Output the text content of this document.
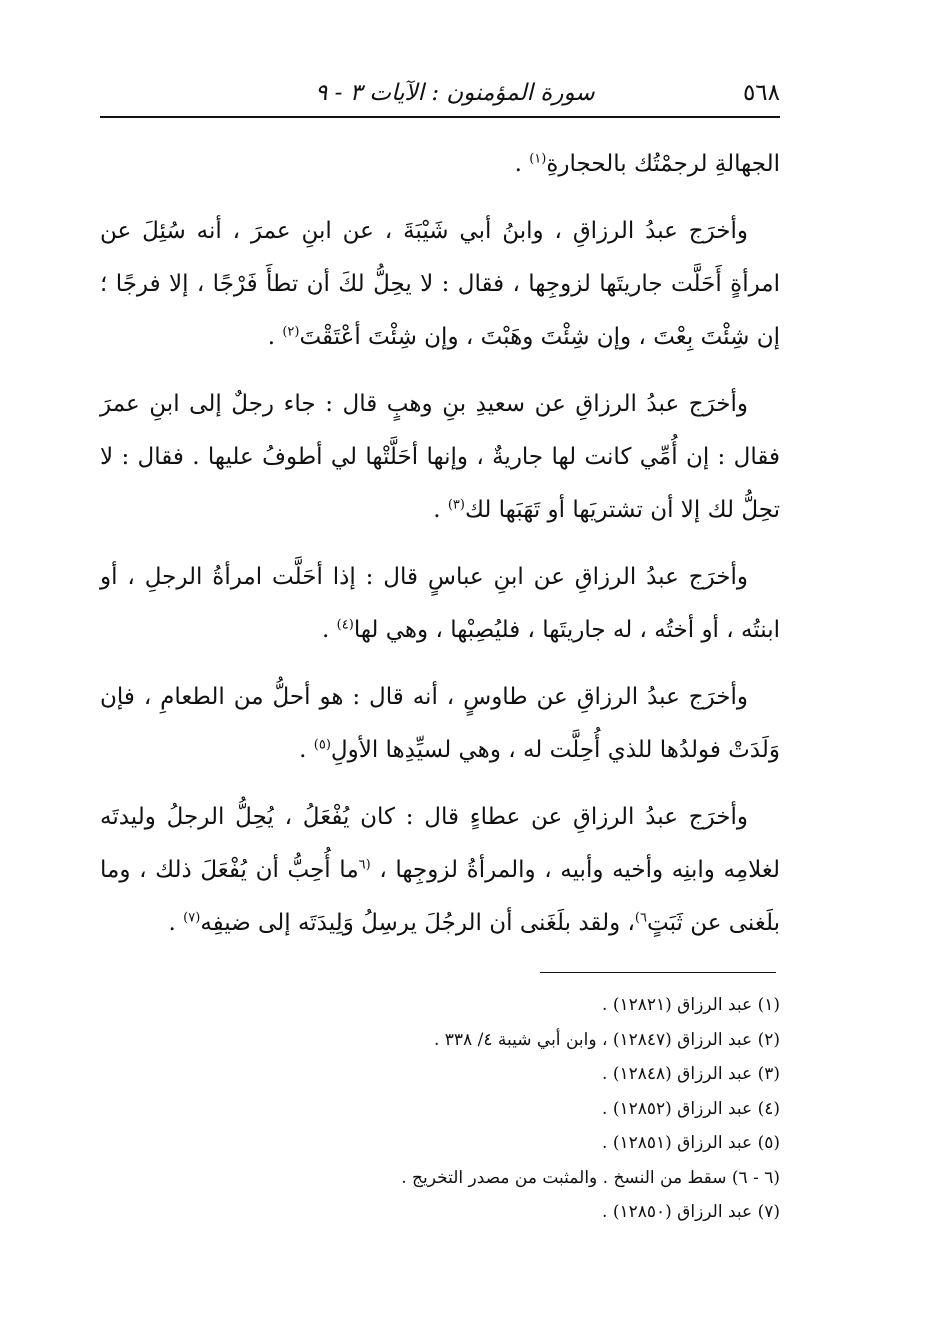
سورة المؤمنون : الآيات ٣ - ٩	٥٦٨

الجهالةِ لرجمْتُك بالحجارةِ$^{(١)}$ .

وأخرَج عبدُ الرزاقِ ، وابنُ أبي شَيْبَةَ ، عن ابنِ عمرَ ، أنه سُئِلَ عن امرأةٍ أَحَلَّت جاريتَها لزوجِها ، فقال : لا يحِلُّ لكَ أن تطأَ فَرْجًا ، إلا فرجًا ؛ إن شِئْتَ بِعْتَ ، وإن شِئْتَ وهَبْتَ ، وإن شِئْتَ أعْتَقْتَ$^{(٢)}$ .

وأخرَج عبدُ الرزاقِ عن سعيدِ بنِ وهبٍ قال : جاء رجلٌ إلى ابنِ عمرَ فقال : إن أُمِّي كانت لها جاريةٌ ، وإنها أحَلَّتْها لي أطوفُ عليها . فقال : لا تحِلُّ لك إلا أن تشتريَها أو تَهَبَها لك$^{(٣)}$ .

وأخرَج عبدُ الرزاقِ عن ابنِ عباسٍ قال : إذا أحَلَّت امرأةُ الرجلِ ، أو ابنتُه ، أو أختُه ، له جاريتَها ، فليُصِبْها ، وهي لها$^{(٤)}$ .

وأخرَج عبدُ الرزاقِ عن طاوسٍ ، أنه قال : هو أحلُّ من الطعامِ ، فإن وَلَدَتْ فولدُها للذي أُحِلَّت له ، وهي لسيِّدِها الأولِ$^{(٥)}$ .

وأخرَج عبدُ الرزاقِ عن عطاءٍ قال : كان يُفْعَلُ ، يُحِلُّ الرجلُ وليدتَه لغلامِه وابنِه وأخيه وأبيه ، والمرأةُ لزوجِها ، $^{(٦}$ما أُحِبُّ أن يُفْعَلَ ذلك ، وما بلَغنى عن ثَبَتٍ$^{٦)}$، ولقد بلَغَنى أن الرجُلَ يرسِلُ وَلِيدَتَه إلى ضيفِه$^{(٧)}$ .

(١) عبد الرزاق (١٢٨٢١) .
(٢) عبد الرزاق (١٢٨٤٧) ، وابن أبي شيبة ٤/ ٣٣٨ .
(٣) عبد الرزاق (١٢٨٤٨) .
(٤) عبد الرزاق (١٢٨٥٢) .
(٥) عبد الرزاق (١٢٨٥١) .
(٦ - ٦) سقط من النسخ . والمثبت من مصدر التخريج .
(٧) عبد الرزاق (١٢٨٥٠) .
